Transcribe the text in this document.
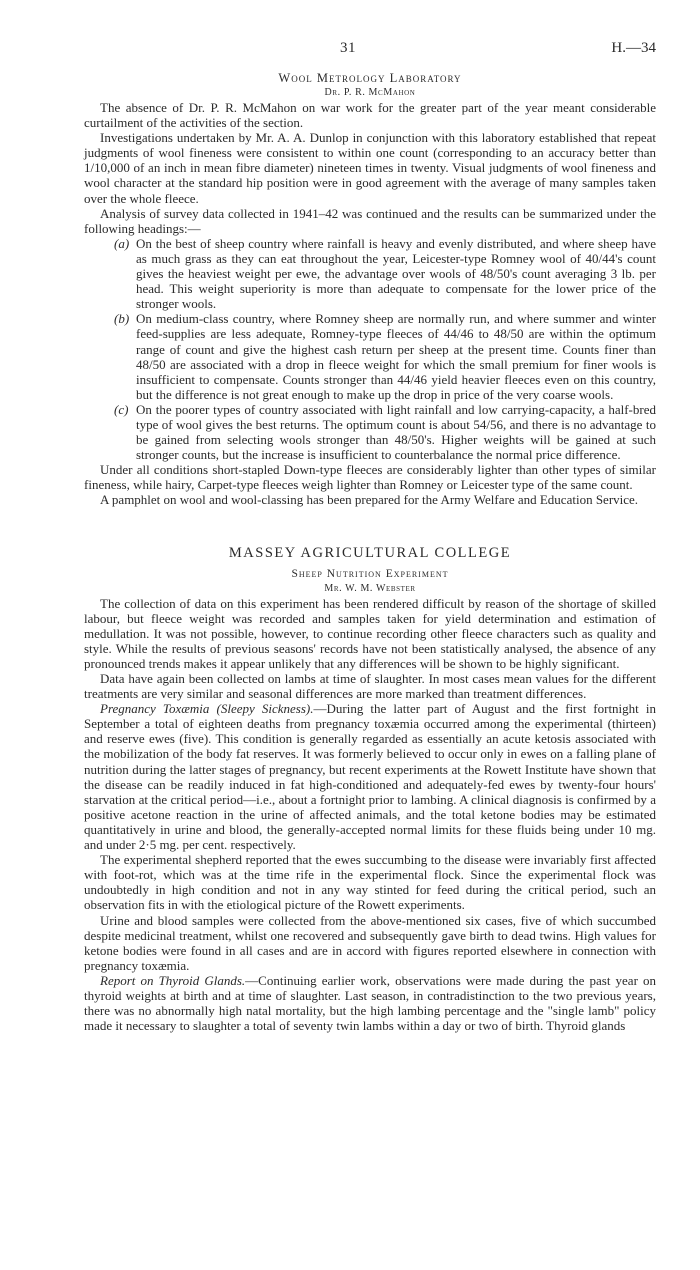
31	H.—34
Wool Metrology Laboratory
Dr. P. R. McMahon

The absence of Dr. P. R. McMahon on war work for the greater part of the year meant considerable curtailment of the activities of the section.

Investigations undertaken by Mr. A. A. Dunlop in conjunction with this laboratory established that repeat judgments of wool fineness were consistent to within one count (corresponding to an accuracy better than 1/10,000 of an inch in mean fibre diameter) nineteen times in twenty. Visual judgments of wool fineness and wool character at the standard hip position were in good agreement with the average of many samples taken over the whole fleece.

Analysis of survey data collected in 1941–42 was continued and the results can be summarized under the following headings:—

(a) On the best of sheep country where rainfall is heavy and evenly distributed, and where sheep have as much grass as they can eat throughout the year, Leicester-type Romney wool of 40/44's count gives the heaviest weight per ewe, the advantage over wools of 48/50's count averaging 3 lb. per head. This weight superiority is more than adequate to compensate for the lower price of the stronger wools.

(b) On medium-class country, where Romney sheep are normally run, and where summer and winter feed-supplies are less adequate, Romney-type fleeces of 44/46 to 48/50 are within the optimum range of count and give the highest cash return per sheep at the present time. Counts finer than 48/50 are associated with a drop in fleece weight for which the small premium for finer wools is insufficient to compensate. Counts stronger than 44/46 yield heavier fleeces even on this country, but the difference is not great enough to make up the drop in price of the very coarse wools.

(c) On the poorer types of country associated with light rainfall and low carrying-capacity, a half-bred type of wool gives the best returns. The optimum count is about 54/56, and there is no advantage to be gained from selecting wools stronger than 48/50's. Higher weights will be gained at such stronger counts, but the increase is insufficient to counterbalance the normal price difference.

Under all conditions short-stapled Down-type fleeces are considerably lighter than other types of similar fineness, while hairy, Carpet-type fleeces weigh lighter than Romney or Leicester type of the same count.

A pamphlet on wool and wool-classing has been prepared for the Army Welfare and Education Service.

MASSEY AGRICULTURAL COLLEGE
Sheep Nutrition Experiment
Mr. W. M. Webster

The collection of data on this experiment has been rendered difficult by reason of the shortage of skilled labour, but fleece weight was recorded and samples taken for yield determination and estimation of medullation. It was not possible, however, to continue recording other fleece characters such as quality and style. While the results of previous seasons' records have not been statistically analysed, the absence of any pronounced trends makes it appear unlikely that any differences will be shown to be highly significant.

Data have again been collected on lambs at time of slaughter. In most cases mean values for the different treatments are very similar and seasonal differences are more marked than treatment differences.

Pregnancy Toxæmia (Sleepy Sickness).—During the latter part of August and the first fortnight in September a total of eighteen deaths from pregnancy toxæmia occurred among the experimental (thirteen) and reserve ewes (five). This condition is generally regarded as essentially an acute ketosis associated with the mobilization of the body fat reserves. It was formerly believed to occur only in ewes on a falling plane of nutrition during the latter stages of pregnancy, but recent experiments at the Rowett Institute have shown that the disease can be readily induced in fat high-conditioned and adequately-fed ewes by twenty-four hours' starvation at the critical period—i.e., about a fortnight prior to lambing. A clinical diagnosis is confirmed by a positive acetone reaction in the urine of affected animals, and the total ketone bodies may be estimated quantitatively in urine and blood, the generally-accepted normal limits for these fluids being under 10 mg. and under 2·5 mg. per cent. respectively.

The experimental shepherd reported that the ewes succumbing to the disease were invariably first affected with foot-rot, which was at the time rife in the experimental flock. Since the experimental flock was undoubtedly in high condition and not in any way stinted for feed during the critical period, such an observation fits in with the etiological picture of the Rowett experiments.

Urine and blood samples were collected from the above-mentioned six cases, five of which succumbed despite medicinal treatment, whilst one recovered and subsequently gave birth to dead twins. High values for ketone bodies were found in all cases and are in accord with figures reported elsewhere in connection with pregnancy toxæmia.

Report on Thyroid Glands.—Continuing earlier work, observations were made during the past year on thyroid weights at birth and at time of slaughter. Last season, in contradistinction to the two previous years, there was no abnormally high natal mortality, but the high lambing percentage and the "single lamb" policy made it necessary to slaughter a total of seventy twin lambs within a day or two of birth. Thyroid glands
